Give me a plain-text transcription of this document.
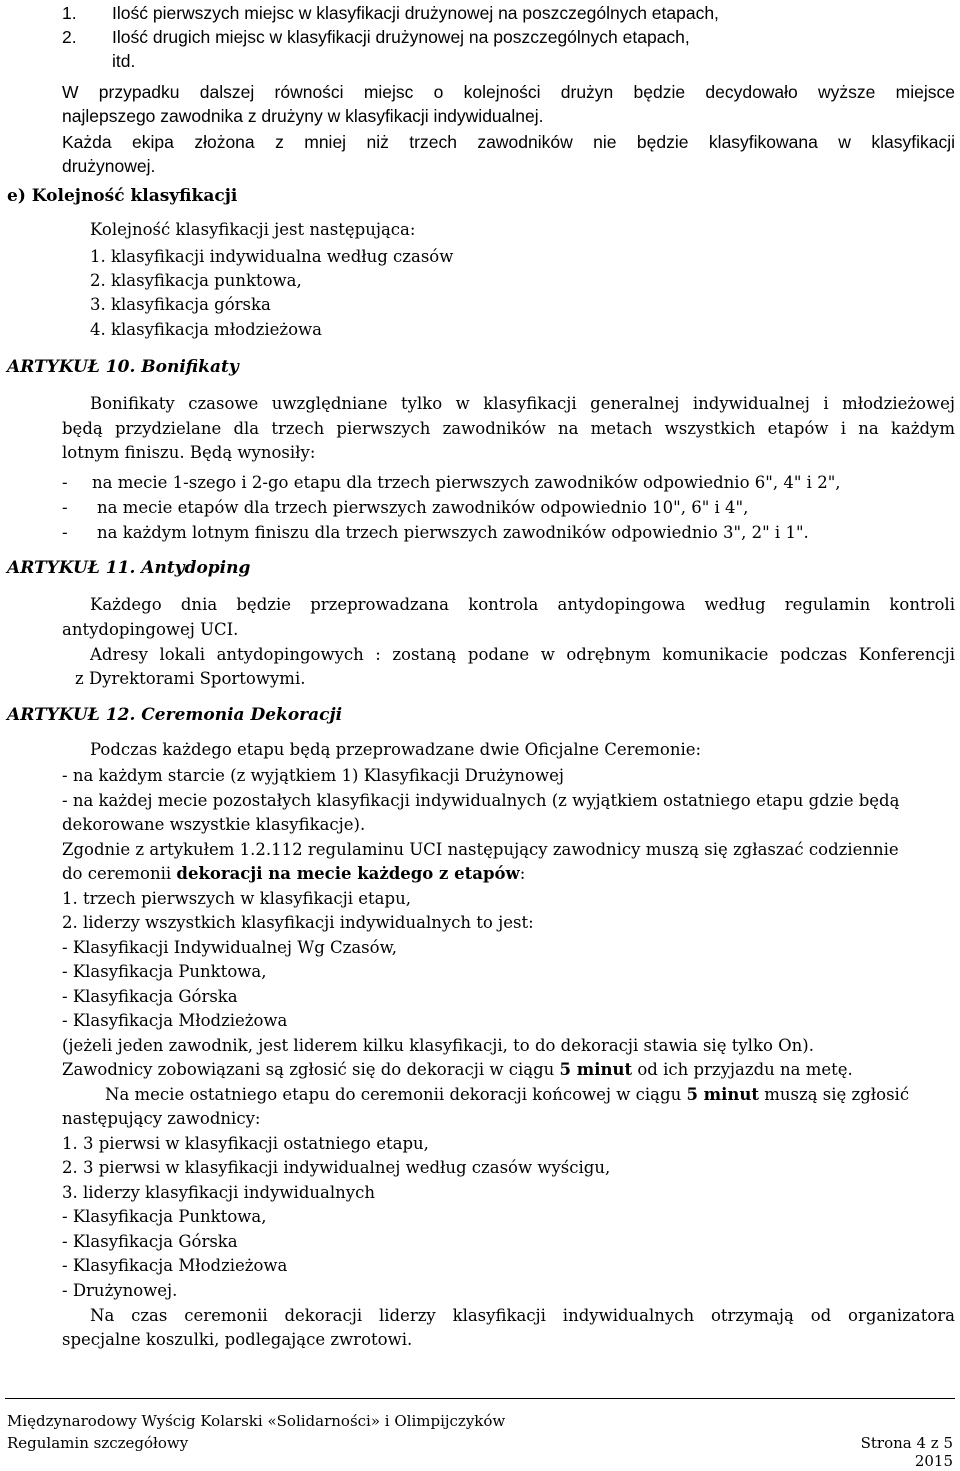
1. Ilość pierwszych miejsc w klasyfikacji drużynowej na poszczególnych etapach,
2. Ilość drugich miejsc w klasyfikacji drużynowej na poszczególnych etapach,
itd.
W przypadku dalszej równości miejsc o kolejności drużyn będzie decydowało wyższe miejsce
najlepszego zawodnika z drużyny w klasyfikacji indywidualnej.
Każda ekipa złożona z mniej niż trzech zawodników nie będzie klasyfikowana w klasyfikacji
drużynowej.
e) Kolejność klasyfikacji
Kolejność klasyfikacji jest następująca:
1. klasyfikacji indywidualna według czasów
2. klasyfikacja punktowa,
3. klasyfikacja górska
4. klasyfikacja młodzieżowa
ARTYKUŁ 10. Bonifikaty
Bonifikaty czasowe uwzględniane tylko w klasyfikacji generalnej indywidualnej i młodzieżowej
będą przydzielane dla trzech pierwszych zawodników na metach wszystkich etapów i na każdym
lotnym finiszu. Będą wynosiły:
- na mecie 1-szego i 2-go etapu dla trzech pierwszych zawodników odpowiednio 6", 4" i 2",
- na mecie etapów dla trzech pierwszych zawodników odpowiednio 10", 6" i 4",
- na każdym lotnym finiszu dla trzech pierwszych zawodników odpowiednio 3", 2" i 1".
ARTYKUŁ 11. Antydoping
Każdego dnia będzie przeprowadzana kontrola antydopingowa według regulamin kontroli
antydopingowej UCI.
Adresy lokali antydopingowych : zostaną podane w odrębnym komunikacie podczas Konferencji
z Dyrektorami Sportowymi.
ARTYKUŁ 12. Ceremonia Dekoracji
Podczas każdego etapu będą przeprowadzane dwie Oficjalne Ceremonie:
- na każdym starcie (z wyjątkiem 1) Klasyfikacji Drużynowej
- na każdej mecie pozostałych klasyfikacji indywidualnych (z wyjątkiem ostatniego etapu gdzie będą
dekorowane wszystkie klasyfikacje).
Zgodnie z artykułem 1.2.112 regulaminu UCI następujący zawodnicy muszą się zgłaszać codziennie
do ceremonii dekoracji na mecie każdego z etapów:
1. trzech pierwszych w klasyfikacji etapu,
2. liderzy wszystkich klasyfikacji indywidualnych to jest:
- Klasyfikacji Indywidualnej Wg Czasów,
- Klasyfikacja Punktowa,
- Klasyfikacja Górska
- Klasyfikacja Młodzieżowa
(jeżeli jeden zawodnik, jest liderem kilku klasyfikacji, to do dekoracji stawia się tylko On).
Zawodnicy zobowiązani są zgłosić się do dekoracji w ciągu 5 minut od ich przyjazdu na metę.
Na mecie ostatniego etapu do ceremonii dekoracji końcowej w ciągu 5 minut muszą się zgłosić
następujący zawodnicy:
1. 3 pierwsi w klasyfikacji ostatniego etapu,
2. 3 pierwsi w klasyfikacji indywidualnej według czasów wyścigu,
3. liderzy klasyfikacji indywidualnych
- Klasyfikacja Punktowa,
- Klasyfikacja Górska
- Klasyfikacja Młodzieżowa
- Drużynowej.
Na czas ceremonii dekoracji liderzy klasyfikacji indywidualnych otrzymają od organizatora
specjalne koszulki, podlegające zwrotowi.
Międzynarodowy Wyścig Kolarski «Solidarności» i Olimpijczyków
Regulamin szczegółowy	Strona 4 z 5
2015
